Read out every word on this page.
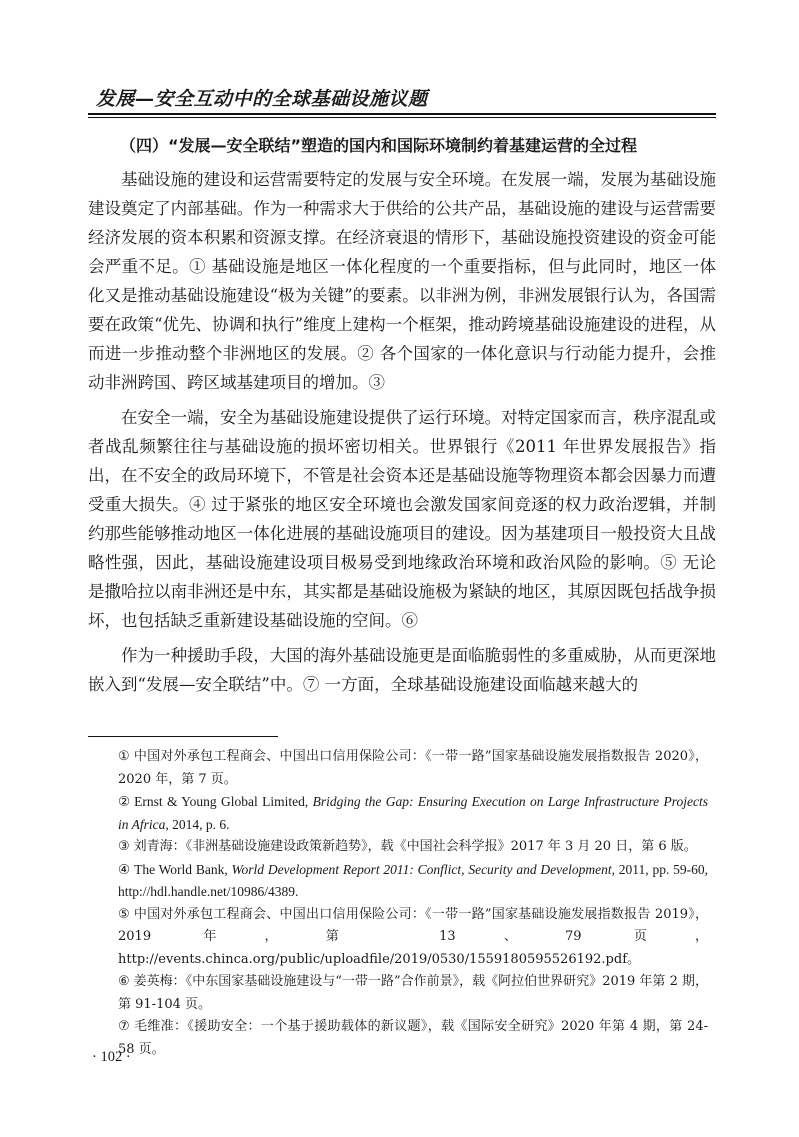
发展—安全互动中的全球基础设施议题
（四）“发展—安全联结”塑造的国内和国际环境制约着基建运营的全过程

基础设施的建设和运营需要特定的发展与安全环境。在发展一端，发展为基础设施建设奠定了内部基础。作为一种需求大于供给的公共产品，基础设施的建设与运营需要经济发展的资本积累和资源支撑。在经济衰退的情形下，基础设施投资建设的资金可能会严重不足。① 基础设施是地区一体化程度的一个重要指标，但与此同时，地区一体化又是推动基础设施建设“极为关键”的要素。以非洲为例，非洲发展银行认为，各国需要在政策“优先、协调和执行”维度上建构一个框架，推动跨境基础设施建设的进程，从而进一步推动整个非洲地区的发展。② 各个国家的一体化意识与行动能力提升，会推动非洲跨国、跨区域基建项目的增加。③

在安全一端，安全为基础设施建设提供了运行环境。对特定国家而言，秩序混乱或者战乱频繁往往与基础设施的损坏密切相关。世界银行《2011 年世界发展报告》指出，在不安全的政局环境下，不管是社会资本还是基础设施等物理资本都会因暴力而遭受重大损失。④ 过于紧张的地区安全环境也会激发国家间竞逐的权力政治逻辑，并制约那些能够推动地区一体化进展的基础设施项目的建设。因为基建项目一般投资大且战略性强，因此，基础设施建设项目极易受到地缘政治环境和政治风险的影响。⑤ 无论是撒哈拉以南非洲还是中东，其实都是基础设施极为紧缺的地区，其原因既包括战争损坏，也包括缺乏重新建设基础设施的空间。⑥

作为一种援助手段，大国的海外基础设施更是面临脆弱性的多重威胁，从而更深地嵌入到“发展—安全联结”中。⑦ 一方面，全球基础设施建设面临越来越大的

① 中国对外承包工程商会、中国出口信用保险公司：《一带一路”国家基础设施发展指数报告 2020》，2020 年，第 7 页。
② Ernst & Young Global Limited, Bridging the Gap: Ensuring Execution on Large Infrastructure Projects in Africa, 2014, p. 6.
③ 刘青海：《非洲基础设施建设政策新趋势》，载《中国社会科学报》2017 年 3 月 20 日，第 6 版。
④ The World Bank, World Development Report 2011: Conflict, Security and Development, 2011, pp. 59-60, http://hdl.handle.net/10986/4389.
⑤ 中国对外承包工程商会、中国出口信用保险公司：《一带一路”国家基础设施发展指数报告 2019》，2019 年，第 13、79 页，http://events.chinca.org/public/uploadfile/2019/0530/1559180595526192.pdf。
⑥ 姜英梅：《中东国家基础设施建设与“一带一路”合作前景》，载《阿拉伯世界研究》2019 年第 2 期，第 91-104 页。
⑦ 毛维准：《援助安全：一个基于援助载体的新议题》，载《国际安全研究》2020 年第 4 期，第 24-58 页。
· 102 ·
